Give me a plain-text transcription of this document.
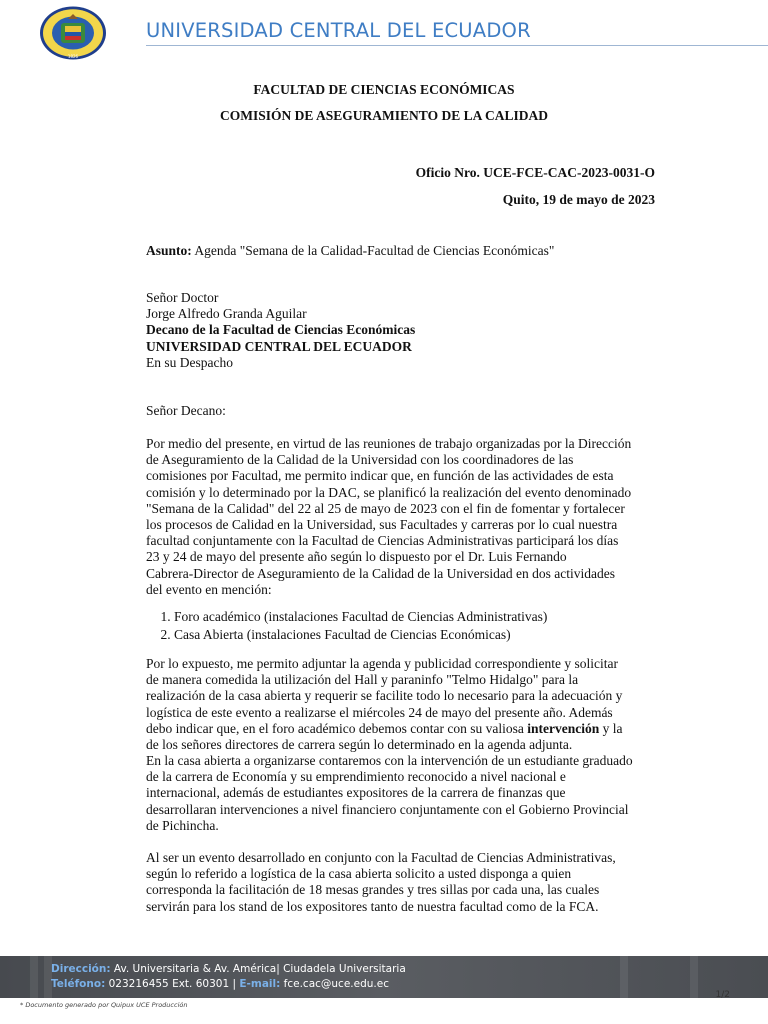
1826
UNIVERSIDAD CENTRAL DEL ECUADOR
FACULTAD DE CIENCIAS ECONÓMICAS
COMISIÓN DE ASEGURAMIENTO DE LA CALIDAD
Oficio Nro. UCE-FCE-CAC-2023-0031-O
Quito, 19 de mayo de 2023
Asunto: Agenda "Semana de la Calidad-Facultad de Ciencias Económicas"
Señor Doctor
Jorge Alfredo Granda Aguilar
Decano de la Facultad de Ciencias Económicas
UNIVERSIDAD CENTRAL DEL ECUADOR
En su Despacho
Señor Decano:
Por medio del presente, en virtud de las reuniones de trabajo organizadas por la Dirección
de Aseguramiento de la Calidad de la Universidad con los coordinadores de las
comisiones por Facultad, me permito indicar que, en función de las actividades de esta
comisión y lo determinado por la DAC, se planificó la realización del evento denominado
"Semana de la Calidad" del 22 al 25 de mayo de 2023 con el fin de fomentar y fortalecer
los procesos de Calidad en la Universidad, sus Facultades y carreras por lo cual nuestra
facultad conjuntamente con la Facultad de Ciencias Administrativas participará los días
23 y 24 de mayo del presente año según lo dispuesto por el Dr. Luis Fernando
Cabrera-Director de Aseguramiento de la Calidad de la Universidad en dos actividades
del evento en mención:
1. Foro académico (instalaciones Facultad de Ciencias Administrativas)
2. Casa Abierta (instalaciones Facultad de Ciencias Económicas)
Por lo expuesto, me permito adjuntar la agenda y publicidad correspondiente y solicitar
de manera comedida la utilización del Hall y paraninfo "Telmo Hidalgo" para la
realización de la casa abierta y requerir se facilite todo lo necesario para la adecuación y
logística de este evento a realizarse el miércoles 24 de mayo del presente año. Además
debo indicar que, en el foro académico debemos contar con su valiosa intervención y la
de los señores directores de carrera según lo determinado en la agenda adjunta.
En la casa abierta a organizarse contaremos con la intervención de un estudiante graduado
de la carrera de Economía y su emprendimiento reconocido a nivel nacional e
internacional, además de estudiantes expositores de la carrera de finanzas que
desarrollaran intervenciones a nivel financiero conjuntamente con el Gobierno Provincial
de Pichincha.
Al ser un evento desarrollado en conjunto con la Facultad de Ciencias Administrativas,
según lo referido a logística de la casa abierta solicito a usted disponga a quien
corresponda la facilitación de 18 mesas grandes y tres sillas por cada una, las cuales
servirán para los stand de los expositores tanto de nuestra facultad como de la FCA.
Dirección: Av. Universitaria & Av. América| Ciudadela Universitaria
Teléfono: 023216455 Ext. 60301 | E-mail: fce.cac@uce.edu.ec
1/2
* Documento generado por Quipux UCE Producción
